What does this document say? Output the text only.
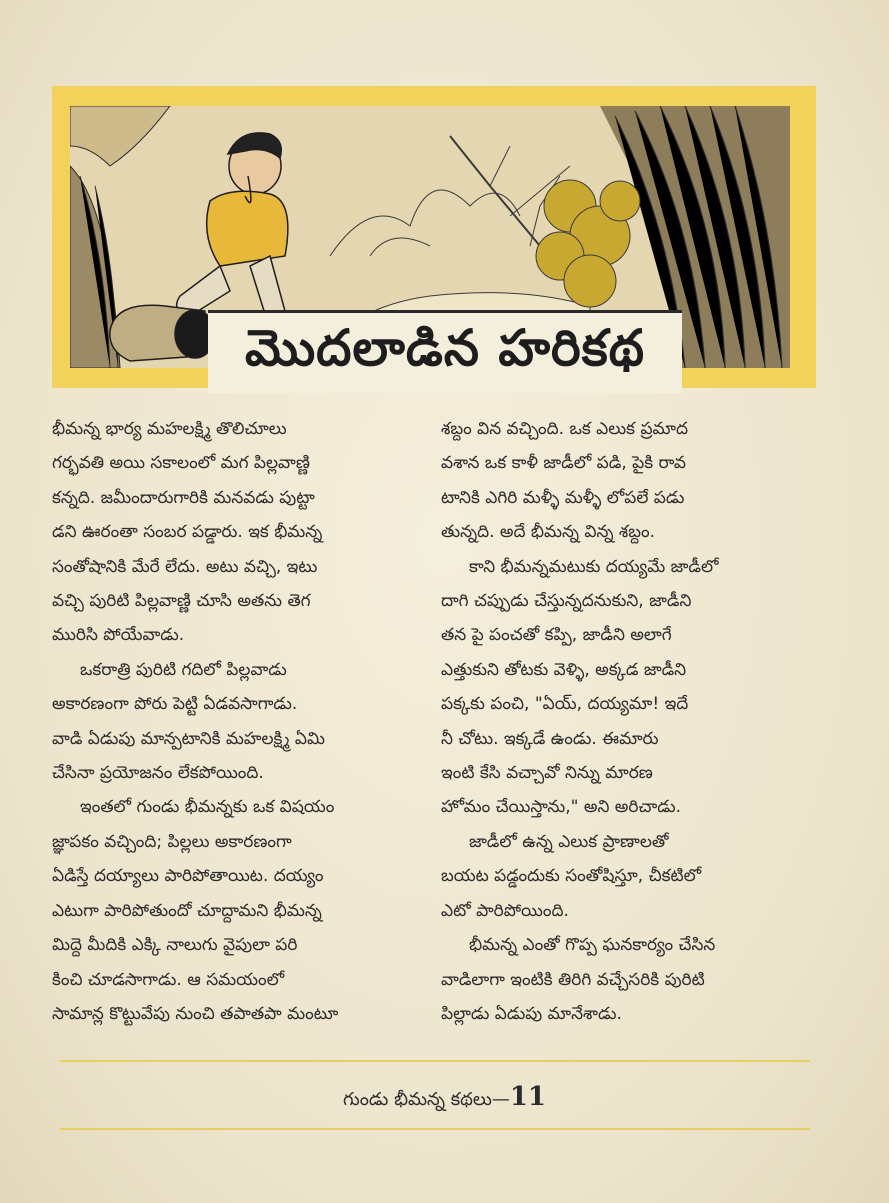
మొదలాడిన హరికథ

భీమన్న భార్య మహలక్ష్మి తొలిచూలు
గర్భవతి అయి సకాలంలో మగ పిల్లవాణ్ణి
కన్నది. జమీందారుగారికి మనవడు పుట్టా
డని ఊరంతా సంబర పడ్డారు. ఇక భీమన్న
సంతోషానికి మేరే లేదు. అటు వచ్చి, ఇటు
వచ్చి పురిటి పిల్లవాణ్ణి చూసి అతను తెగ
మురిసి పోయేవాడు.

ఒకరాత్రి పురిటి గదిలో పిల్లవాడు
అకారణంగా పోరు పెట్టి ఏడవసాగాడు.
వాడి ఏడుపు మాన్పటానికి మహలక్ష్మి ఏమి
చేసినా ప్రయోజనం లేకపోయింది.

ఇంతలో గుండు భీమన్నకు ఒక విషయం
జ్ఞాపకం వచ్చింది; పిల్లలు అకారణంగా
ఏడిస్తే దయ్యాలు పారిపోతాయిట. దయ్యం
ఎటుగా పారిపోతుందో చూద్దామని భీమన్న
మిద్దె మీదికి ఎక్కి నాలుగు వైపులా పరి
కించి చూడసాగాడు. ఆ సమయంలో
సామాన్ల కొట్టువేపు నుంచి తపాతపా మంటూ

శబ్దం విన వచ్చింది. ఒక ఎలుక ప్రమాద
వశాన ఒక కాళీ జాడీలో పడి, పైకి రావ
టానికి ఎగిరి మళ్ళీ మళ్ళీ లోపలే పడు
తున్నది. అదే భీమన్న విన్న శబ్దం.

కాని భీమన్నమటుకు దయ్యమే జాడీలో
దాగి చప్పుడు చేస్తున్నదనుకుని, జాడీని
తన పై పంచతో కప్పి, జాడీని అలాగే
ఎత్తుకుని తోటకు వెళ్ళి, అక్కడ జాడీని
పక్కకు పంచి, "ఏయ్, దయ్యమా! ఇదే
నీ చోటు. ఇక్కడే ఉండు. ఈమారు
ఇంటి కేసి వచ్చావో నిన్ను మారణ
హోమం చేయిస్తాను," అని అరిచాడు.

జాడీలో ఉన్న ఎలుక ప్రాణాలతో
బయట పడ్డందుకు సంతోషిస్తూ, చీకటిలో
ఎటో పారిపోయింది.

భీమన్న ఎంతో గొప్ప ఘనకార్యం చేసిన
వాడిలాగా ఇంటికి తిరిగి వచ్చేసరికి పురిటి
పిల్లాడు ఏడుపు మానేశాడు.

గుండు భీమన్న కథలు—11
